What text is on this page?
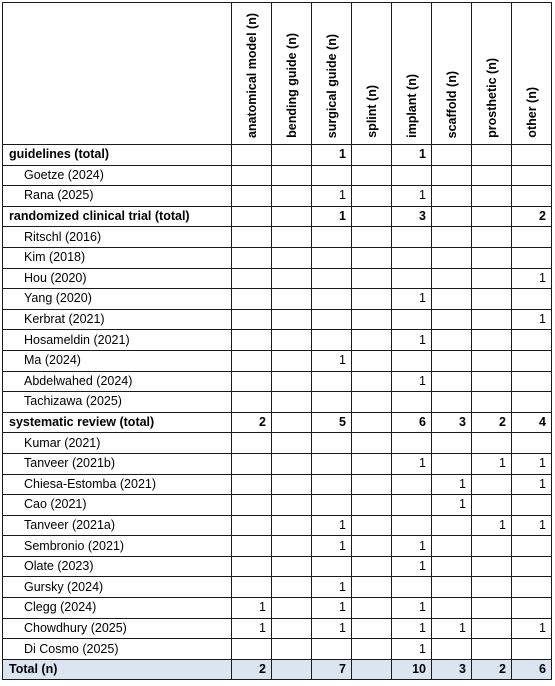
	anatomical model (n)	bending guide (n)	surgical guide (n)	splint (n)	implant (n)	scaffold (n)	prosthetic (n)	other (n)

guidelines (total)			1		1			
Goetze (2024)								
Rana (2025)			1		1			
randomized clinical trial (total)			1		3			2
Ritschl (2016)								
Kim (2018)								
Hou (2020)								1
Yang (2020)					1			
Kerbrat (2021)								1
Hosameldin (2021)					1			
Ma (2024)			1					
Abdelwahed (2024)					1			
Tachizawa (2025)								
systematic review (total)	2		5		6	3	2	4
Kumar (2021)								
Tanveer (2021b)					1		1	1
Chiesa-Estomba (2021)						1		1
Cao (2021)						1		
Tanveer (2021a)			1				1	1
Sembronio (2021)			1		1			
Olate (2023)					1			
Gursky (2024)			1					
Clegg (2024)	1		1		1			
Chowdhury (2025)	1		1		1	1		1
Di Cosmo (2025)					1			
Total (n)	2		7		10	3	2	6
